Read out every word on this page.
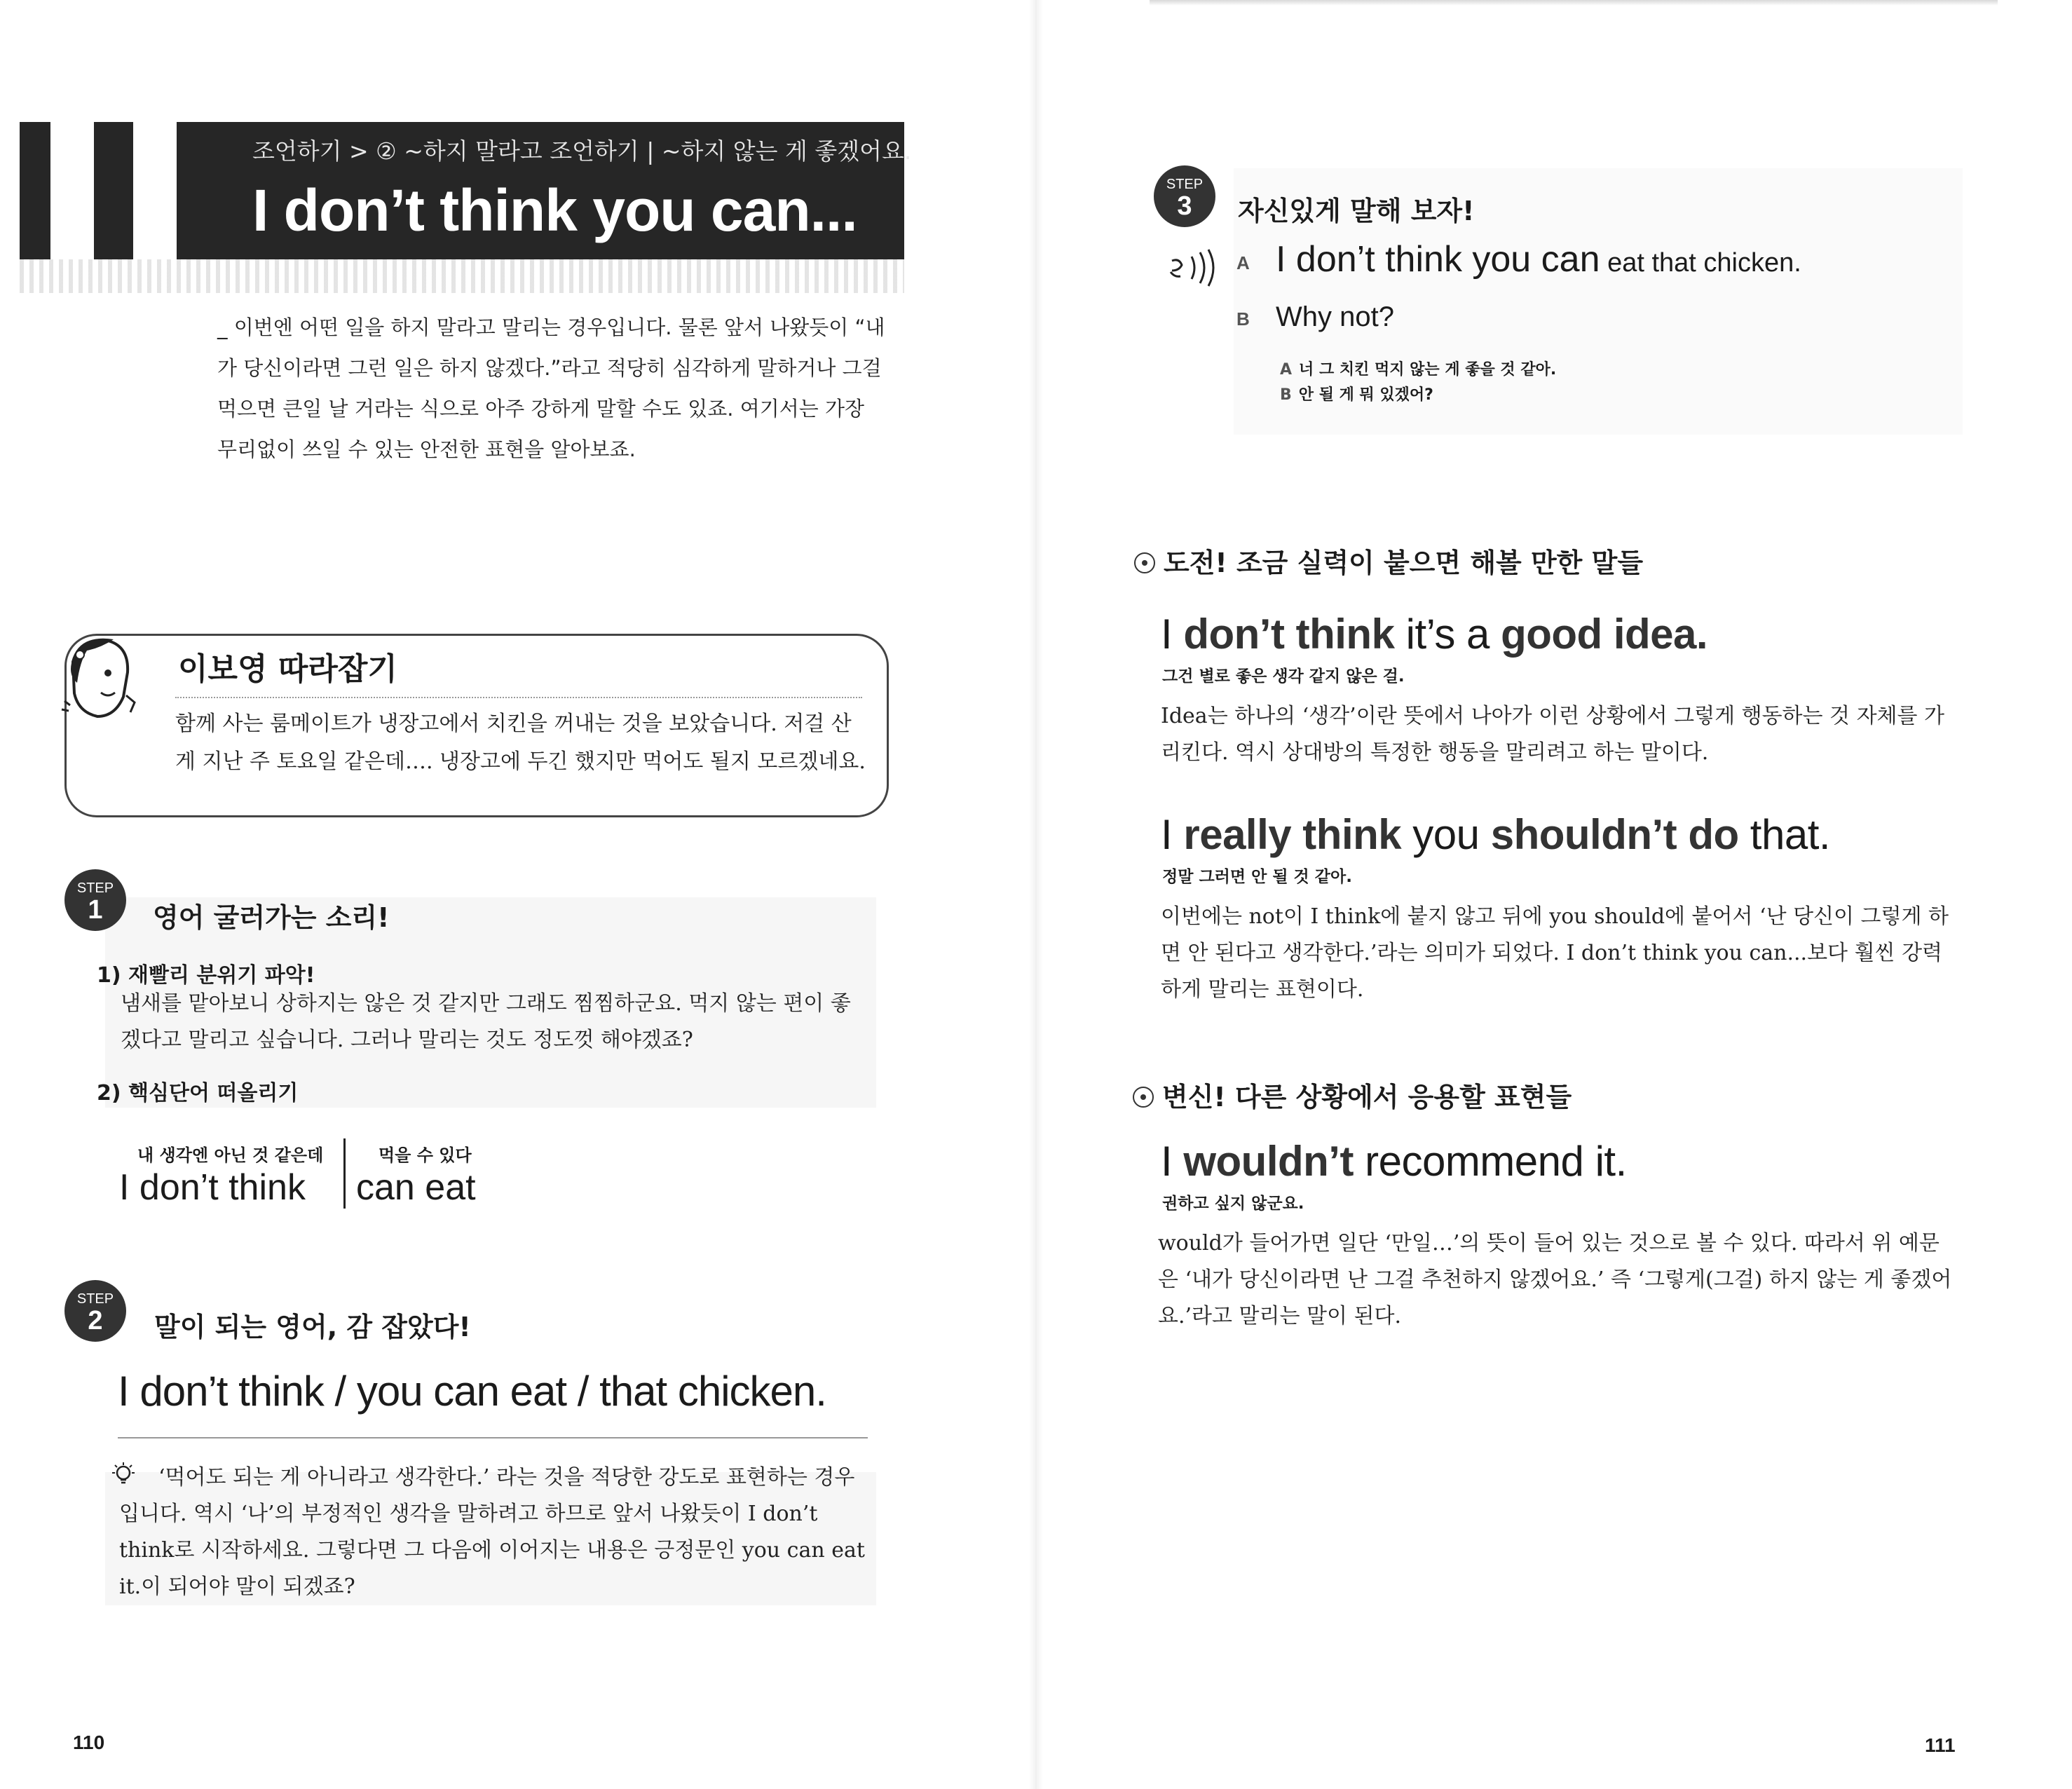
조언하기 > ② ~하지 말라고 조언하기 | ~하지 않는 게 좋겠어요.
I don’t think you can...
_ 이번엔 어떤 일을 하지 말라고 말리는 경우입니다. 물론 앞서 나왔듯이 “내가 당신이라면 그런 일은 하지 않겠다.”라고 적당히 심각하게 말하거나 그걸 먹으면 큰일 날 거라는 식으로 아주 강하게 말할 수도 있죠. 여기서는 가장 무리없이 쓰일 수 있는 안전한 표현을 알아보죠.
이보영 따라잡기
함께 사는 룸메이트가 냉장고에서 치킨을 꺼내는 것을 보았습니다. 저걸 산 게 지난 주 토요일 같은데…. 냉장고에 두긴 했지만 먹어도 될지 모르겠네요.
STEP
1	영어 굴러가는 소리!
1) 재빨리 분위기 파악!
냄새를 맡아보니 상하지는 않은 것 같지만 그래도 찜찜하군요. 먹지 않는 편이 좋겠다고 말리고 싶습니다. 그러나 말리는 것도 정도껏 해야겠죠?
2) 핵심단어 떠올리기
내 생각엔 아닌 것 같은데
I don’t think
먹을 수 있다
can eat
STEP
2	말이 되는 영어, 감 잡았다!
I don’t think / you can eat / that chicken.
‘먹어도 되는 게 아니라고 생각한다.’ 라는 것을 적당한 강도로 표현하는 경우입니다. 역시 ‘나’의 부정적인 생각을 말하려고 하므로 앞서 나왔듯이 I don’t think로 시작하세요. 그렇다면 그 다음에 이어지는 내용은 긍정문인 you can eat it.이 되어야 말이 되겠죠?
110
STEP
3	자신있게 말해 보자!
A I don’t think you can eat that chicken.
B Why not?
A 너 그 치킨 먹지 않는 게 좋을 것 같아.
B 안 될 게 뭐 있겠어?
도전! 조금 실력이 붙으면 해볼 만한 말들
I don’t think it’s a good idea.
그건 별로 좋은 생각 같지 않은 걸.
Idea는 하나의 ‘생각’이란 뜻에서 나아가 이런 상황에서 그렇게 행동하는 것 자체를 가리킨다. 역시 상대방의 특정한 행동을 말리려고 하는 말이다.
I really think you shouldn’t do that.
정말 그러면 안 될 것 같아.
이번에는 not이 I think에 붙지 않고 뒤에 you should에 붙어서 ‘난 당신이 그렇게 하면 안 된다고 생각한다.’라는 의미가 되었다. I don’t think you can...보다 훨씬 강력하게 말리는 표현이다.
변신! 다른 상황에서 응용할 표현들
I wouldn’t recommend it.
권하고 싶지 않군요.
would가 들어가면 일단 ‘만일…’의 뜻이 들어 있는 것으로 볼 수 있다. 따라서 위 예문은 ‘내가 당신이라면 난 그걸 추천하지 않겠어요.’ 즉 ‘그렇게(그걸) 하지 않는 게 좋겠어요.’라고 말리는 말이 된다.
111
